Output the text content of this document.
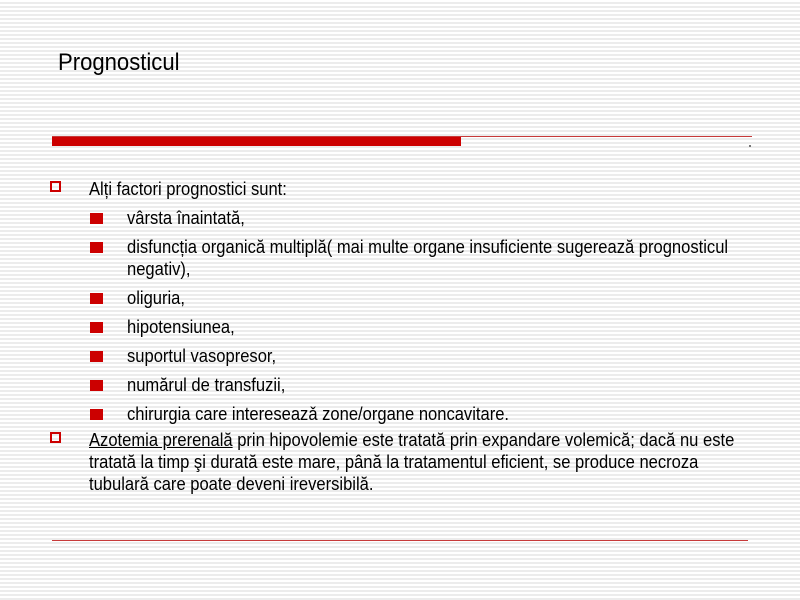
Prognosticul
Alți factori prognostici sunt:
vârsta înaintată,
disfuncția organică multiplă( mai multe organe insuficiente sugerează prognosticul negativ),
oliguria,
hipotensiunea,
suportul vasopresor,
numărul de transfuzii,
chirurgia care intereseazǎ zone/organe noncavitare.
Azotemia prerenală prin hipovolemie este tratată prin expandare volemică; dacă nu este tratată la timp şi durată este mare, până la tratamentul eficient, se produce necroza tubulară care poate deveni ireversibilă.
